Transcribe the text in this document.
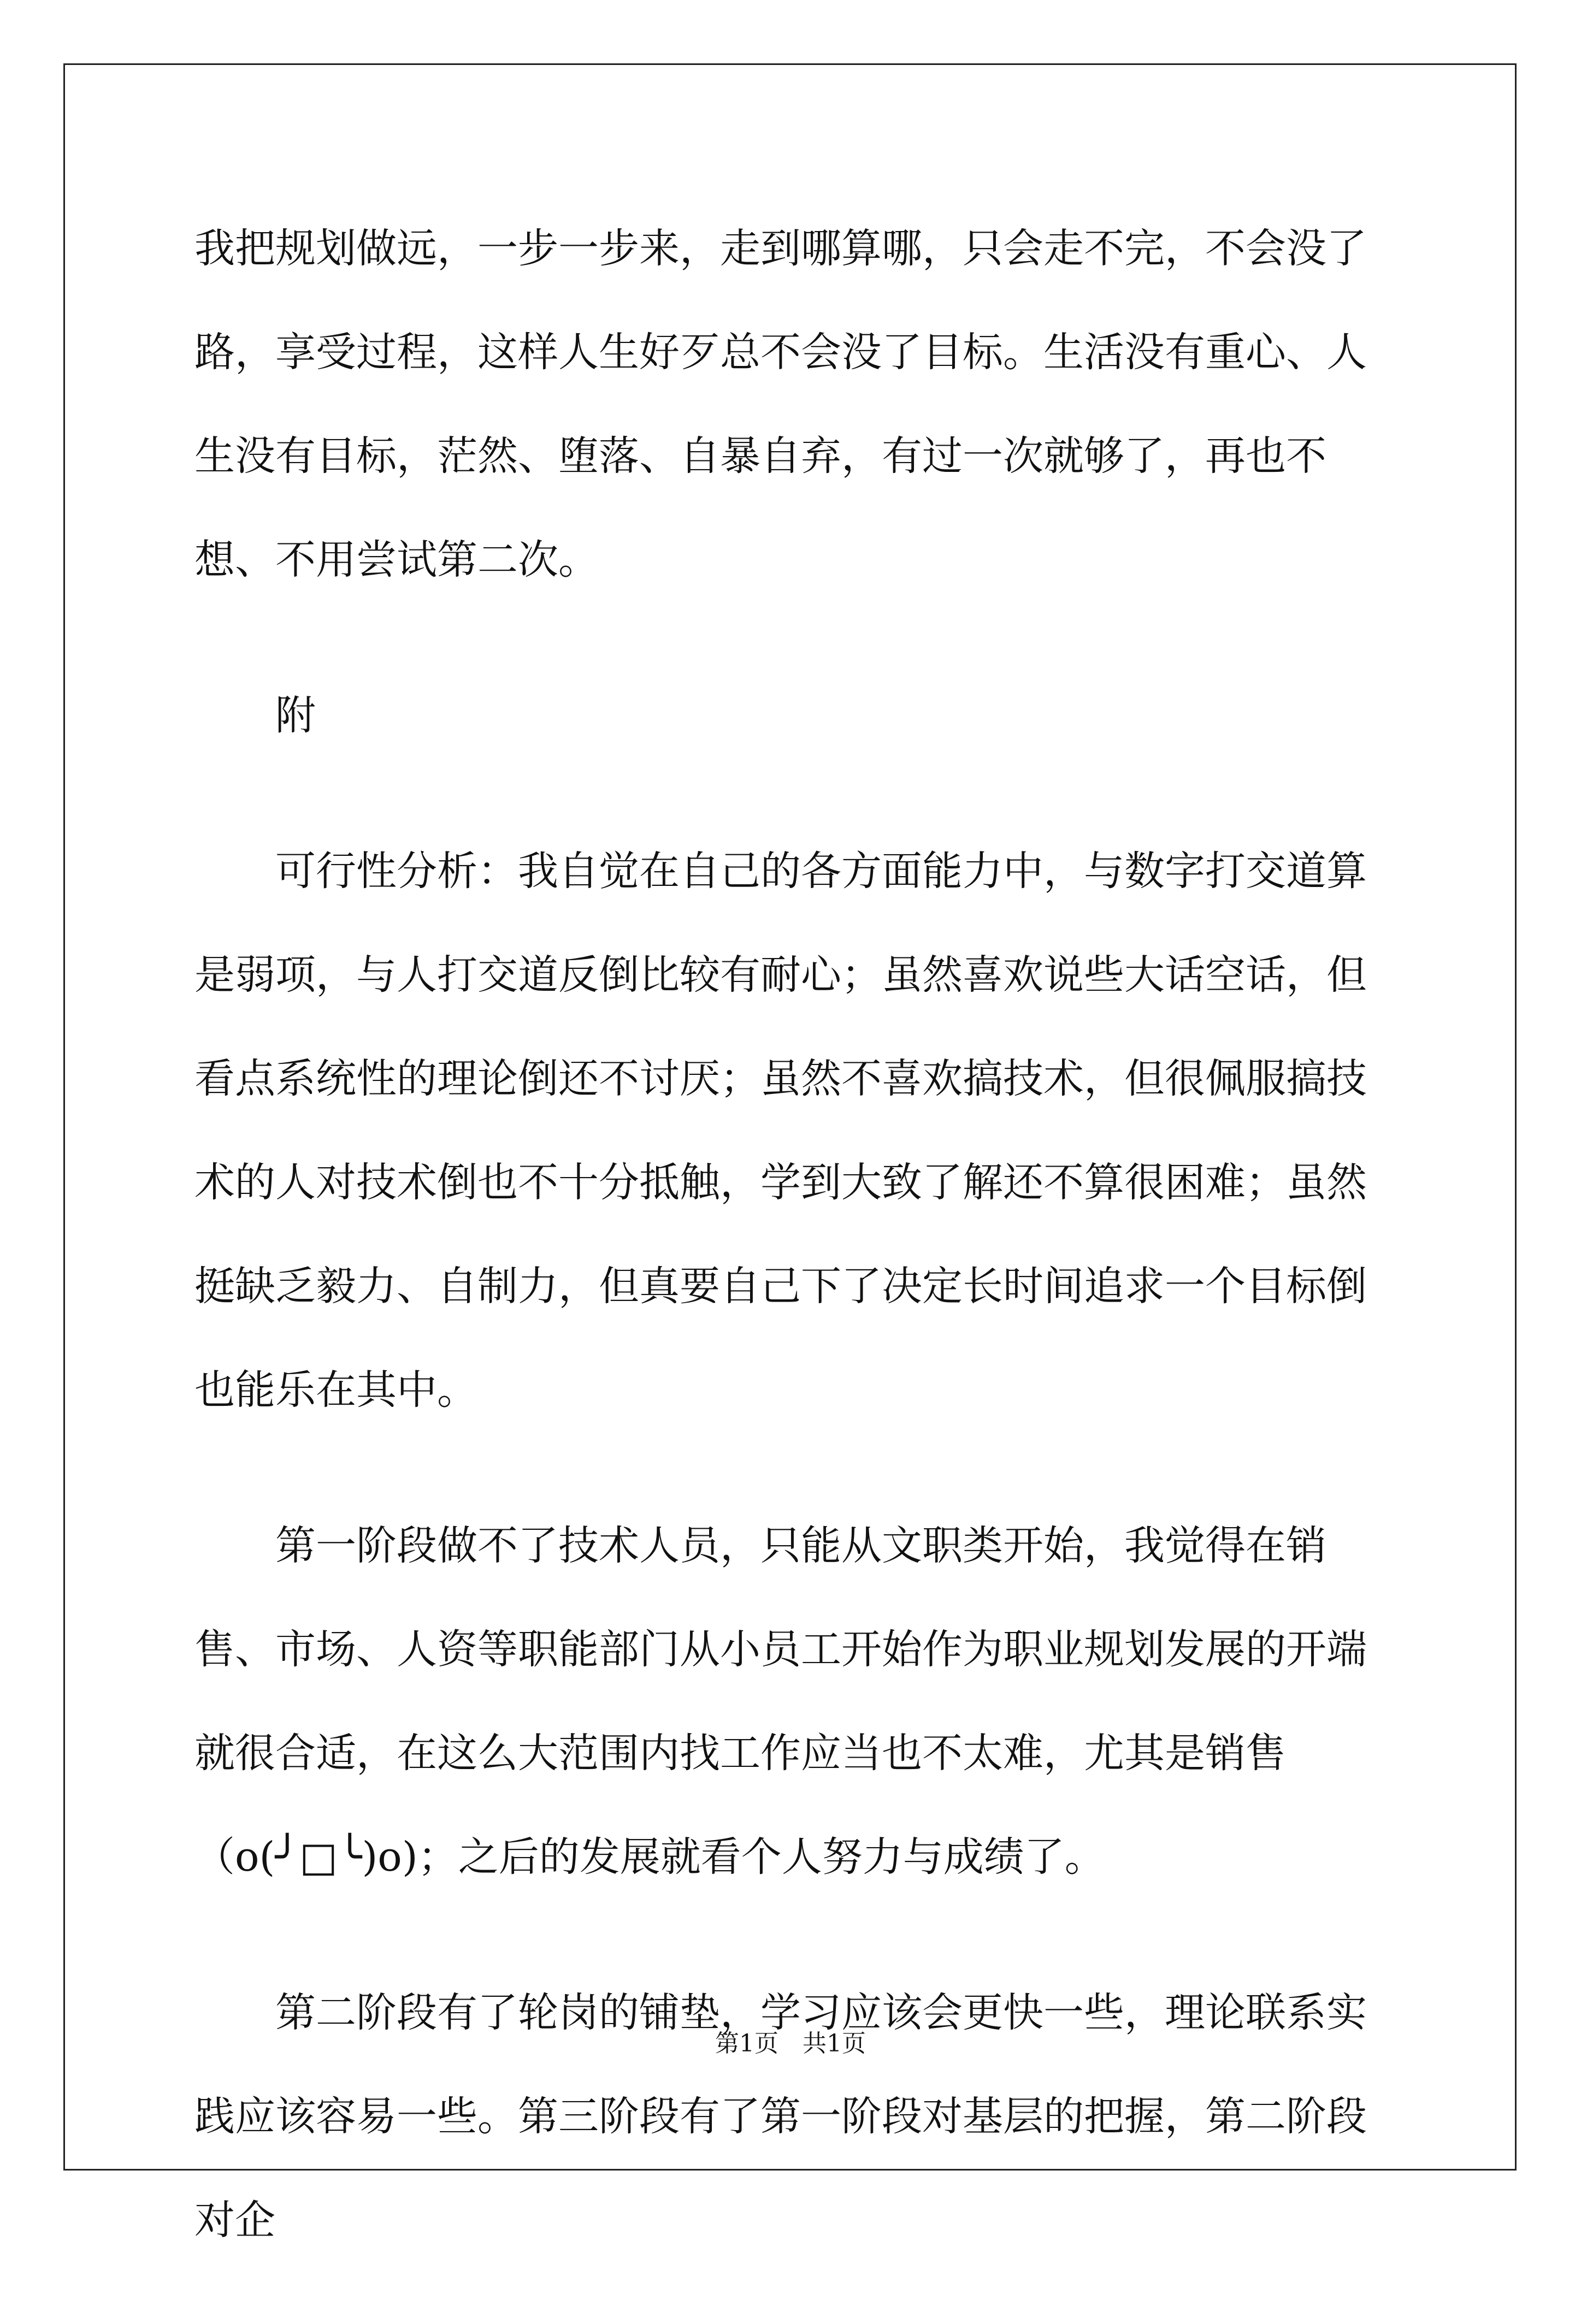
我把规划做远，一步一步来，走到哪算哪，只会走不完，不会没了路，享受过程，这样人生好歹总不会没了目标。生活没有重心、人生没有目标，茫然、堕落、自暴自弃，有过一次就够了，再也不想、不用尝试第二次。

附

可行性分析：我自觉在自己的各方面能力中，与数字打交道算是弱项，与人打交道反倒比较有耐心；虽然喜欢说些大话空话，但看点系统性的理论倒还不讨厌；虽然不喜欢搞技术，但很佩服搞技术的人对技术倒也不十分抵触，学到大致了解还不算很困难；虽然挺缺乏毅力、自制力，但真要自己下了决定长时间追求一个目标倒也能乐在其中。

第一阶段做不了技术人员，只能从文职类开始，我觉得在销售、市场、人资等职能部门从小员工开始作为职业规划发展的开端就很合适，在这么大范围内找工作应当也不太难，尤其是销售（o(╯□╰)o)；之后的发展就看个人努力与成绩了。

第二阶段有了轮岗的铺垫，学习应该会更快一些，理论联系实践应该容易一些。第三阶段有了第一阶段对基层的把握，第二阶段对企

第1页 共1页
